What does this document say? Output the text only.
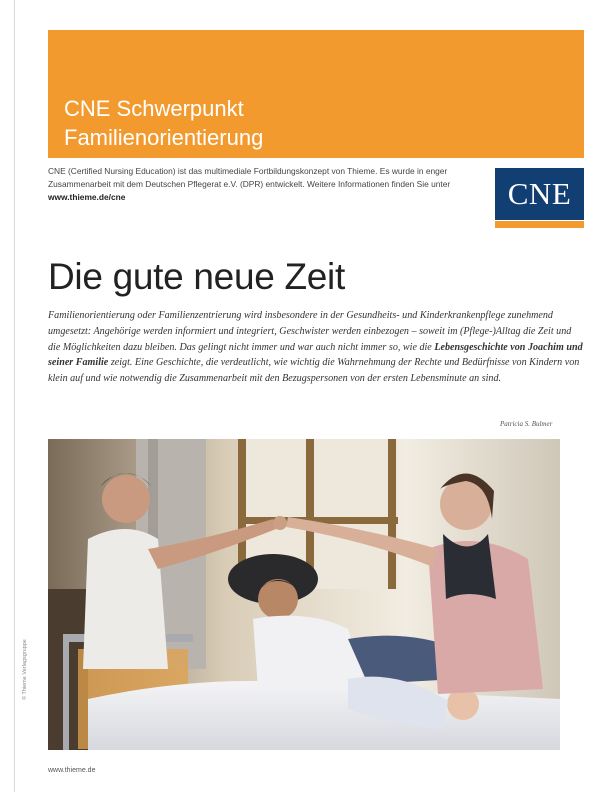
CNE Schwerpunkt
Familienorientierung
CNE (Certified Nursing Education) ist das multimediale Fortbildungskonzept von Thieme. Es wurde in enger Zusammenarbeit mit dem Deutschen Pflegerat e.V. (DPR) entwickelt. Weitere Informationen finden Sie unter www.thieme.de/cne	CNE
Die gute neue Zeit
Familienorientierung oder Familienzentrierung wird insbesondere in der Gesundheits- und Kinderkrankenpflege zunehmend umgesetzt: Angehörige werden informiert und integriert, Geschwister werden einbezogen – soweit im (Pflege-)Alltag die Zeit und die Möglichkeiten dazu bleiben. Das gelingt nicht immer und war auch nicht immer so, wie die Lebensgeschichte von Joachim und seiner Familie zeigt. Eine Geschichte, die verdeutlicht, wie wichtig die Wahrnehmung der Rechte und Bedürfnisse von Kindern von klein auf und wie notwendig die Zusammenarbeit mit den Bezugspersonen von der ersten Lebensminute an sind.
Patricia S. Bulmer
© Thieme Verlagsgruppe
www.thieme.de
